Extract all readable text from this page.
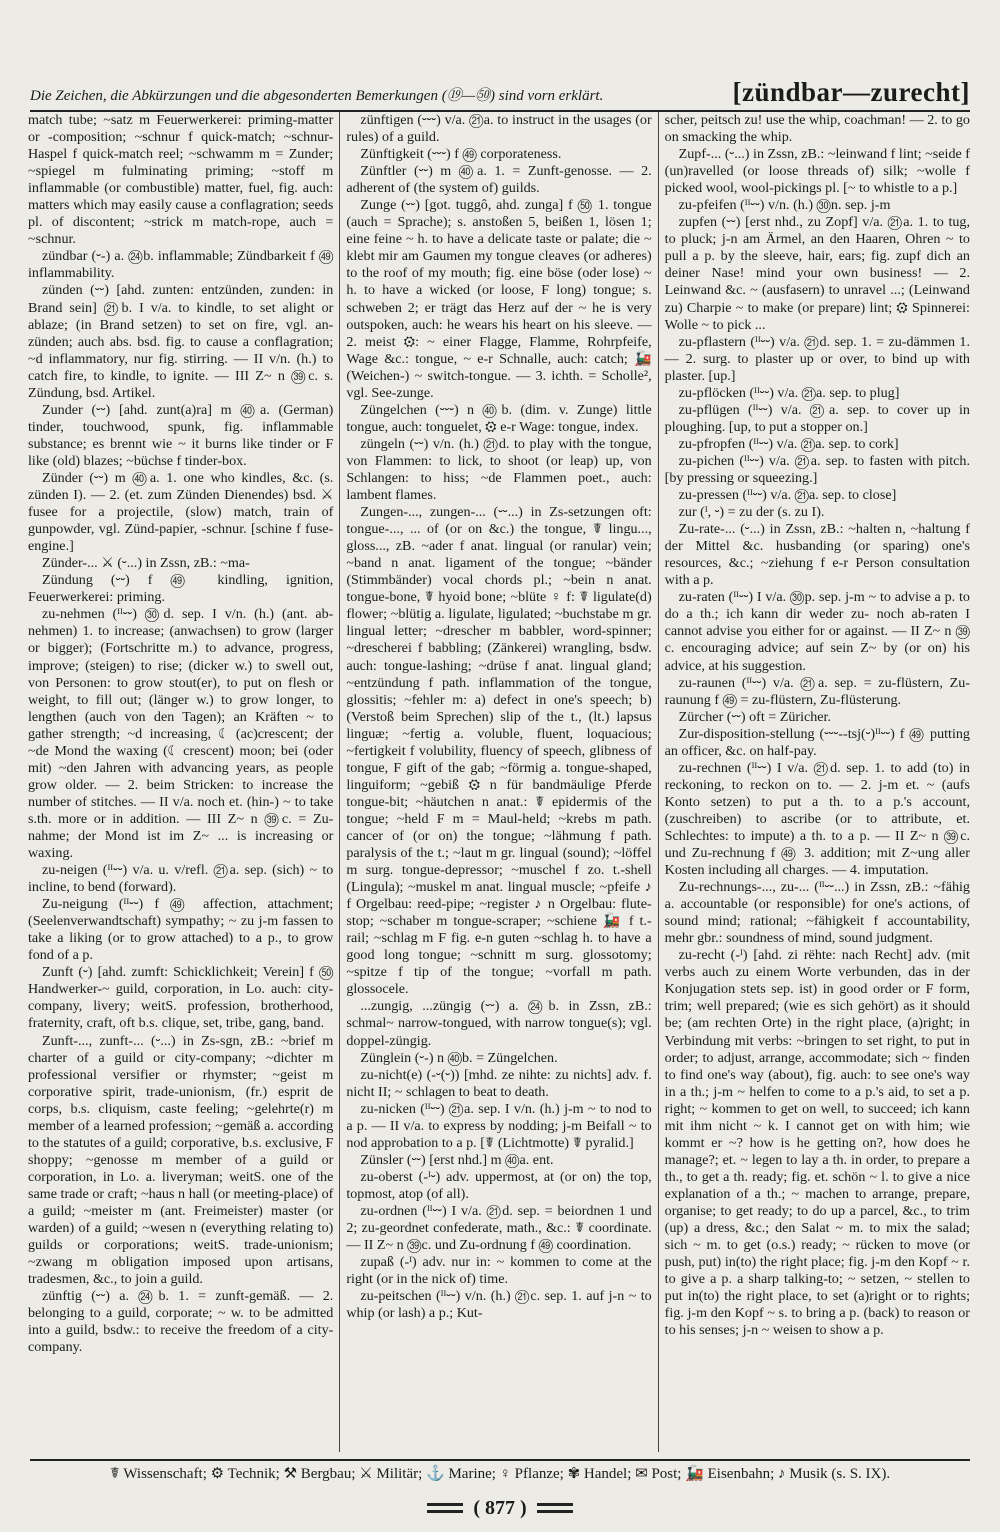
Die Zeichen, die Abkürzungen und die abgesonderten Bemerkungen (⑲—㊿) sind vorn erklärt.	[zündbar—zurecht]

match tube; ~satz m Feuerwerkerei: priming-matter or -composition; ~schnur f quick-match; ~schnur-Haspel f quick-match reel; ~schwamm m = Zunder; ~spiegel m fulminating priming; ~stoff m inflammable (or combustible) matter, fuel, fig. auch: matters which may easily cause a conflagration; seeds pl. of discontent; ~strick m match-rope, auch = ~schnur.

zündbar (⏑-) a. ㉔b. inflammable; Zündbarkeit f ㊾ inflammability.

zünden (⏑⏑) [ahd. zunten: entzünden, zunden: in Brand sein] ㉑b. I v/a. to kindle, to set alight or ablaze; (in Brand setzen) to set on fire, vgl. an-zünden; auch abs. bsd. fig. to cause a conflagration; ~d inflammatory, nur fig. stirring. — II v/n. (h.) to catch fire, to kindle, to ignite. — III Z~ n ㊴c. s. Zündung, bsd. Artikel.

Zunder (⏑⏑) [ahd. zunt(a)ra] m ㊵a. (German) tinder, touchwood, spunk, fig. inflammable substance; es brennt wie ~ it burns like tinder or F like (old) blazes; ~büchse f tinder-box.

Zünder (⏑⏑) m ㊵a. 1. one who kindles, &c. (s. zünden I). — 2. (et. zum Zünden Dienendes) bsd. ⚔ fusee for a projectile, (slow) match, train of gunpowder, vgl. Zünd-papier, -schnur. [schine f fuse-engine.]

Zünder-... ⚔ (⏑...) in Zssn, zB.: ~ma-

Zündung (⏑⏑) f ㊾ kindling, ignition, Feuerwerkerei: priming.

zu-nehmen (ᴵᴵ⏑⏑) ㉚d. sep. I v/n. (h.) (ant. ab-nehmen) 1. to increase; (anwachsen) to grow (larger or bigger); (Fortschritte m.) to advance, progress, improve; (steigen) to rise; (dicker w.) to swell out, von Personen: to grow stout(er), to put on flesh or weight, to fill out; (länger w.) to grow longer, to lengthen (auch von den Tagen); an Kräften ~ to gather strength; ~d increasing, ☾ (ac)crescent; der ~de Mond the waxing (☾ crescent) moon; bei (oder mit) ~den Jahren with advancing years, as people grow older. — 2. beim Stricken: to increase the number of stitches. — II v/a. noch et. (hin-) ~ to take s.th. more or in addition. — III Z~ n ㊴c. = Zu-nahme; der Mond ist im Z~ ... is increasing or waxing.

zu-neigen (ᴵᴵ⏑⏑) v/a. u. v/refl. ㉑a. sep. (sich) ~ to incline, to bend (forward).

Zu-neigung (ᴵᴵ⏑⏑) f ㊾ affection, attachment; (Seelenverwandtschaft) sympathy; ~ zu j-m fassen to take a liking (or to grow attached) to a p., to grow fond of a p.

Zunft (⏑) [ahd. zumft: Schicklichkeit; Verein] f ㊿ Handwerker-~ guild, corporation, in Lo. auch: city-company, livery; weitS. profession, brotherhood, fraternity, craft, oft b.s. clique, set, tribe, gang, band.

Zunft-..., zunft-... (⏑...) in Zs-sgn, zB.: ~brief m charter of a guild or city-company; ~dichter m professional versifier or rhymster; ~geist m corporative spirit, trade-unionism, (fr.) esprit de corps, b.s. cliquism, caste feeling; ~gelehrte(r) m member of a learned profession; ~gemäß a. according to the statutes of a guild; corporative, b.s. exclusive, F shoppy; ~genosse m member of a guild or corporation, in Lo. a. liveryman; weitS. one of the same trade or craft; ~haus n hall (or meeting-place) of a guild; ~meister m (ant. Freimeister) master (or warden) of a guild; ~wesen n (everything relating to) guilds or corporations; weitS. trade-unionism; ~zwang m obligation imposed upon artisans, tradesmen, &c., to join a guild.

zünftig (⏑⏑) a. ㉔b. 1. = zunft-gemäß. — 2. belonging to a guild, corporate; ~ w. to be admitted into a guild, bsdw.: to receive the freedom of a city-company.

zünftigen (⏑⏑⏑) v/a. ㉑a. to instruct in the usages (or rules) of a guild.

Zünftigkeit (⏑⏑⏑) f ㊾ corporateness.

Zünftler (⏑⏑) m ㊵a. 1. = Zunft-genosse. — 2. adherent of (the system of) guilds.

Zunge (⏑⏑) [got. tuggô, ahd. zunga] f ㊿ 1. tongue (auch = Sprache); s. anstoßen 5, beißen 1, lösen 1; eine feine ~ h. to have a delicate taste or palate; die ~ klebt mir am Gaumen my tongue cleaves (or adheres) to the roof of my mouth; fig. eine böse (oder lose) ~ h. to have a wicked (or loose, F long) tongue; s. schweben 2; er trägt das Herz auf der ~ he is very outspoken, auch: he wears his heart on his sleeve. — 2. meist ⚙: ~ einer Flagge, Flamme, Rohrpfeife, Wage &c.: tongue, ~ e-r Schnalle, auch: catch; 🚂 (Weichen-) ~ switch-tongue. — 3. ichth. = Scholle², vgl. See-zunge.

Züngelchen (⏑⏑⏑) n ㊵b. (dim. v. Zunge) little tongue, auch: tonguelet, ⚙ e-r Wage: tongue, index.

züngeln (⏑⏑) v/n. (h.) ㉑d. to play with the tongue, von Flammen: to lick, to shoot (or leap) up, von Schlangen: to hiss; ~de Flammen poet., auch: lambent flames.

Zungen-..., zungen-... (⏑⏑...) in Zs-setzungen oft: tongue-..., ... of (or on &c.) the tongue, ☤ lingu..., gloss..., zB. ~ader f anat. lingual (or ranular) vein; ~band n anat. ligament of the tongue; ~bänder (Stimmbänder) vocal chords pl.; ~bein n anat. tongue-bone, ☤ hyoid bone; ~blüte ♀ f: ☤ ligulate(d) flower; ~blütig a. ligulate, ligulated; ~buchstabe m gr. lingual letter; ~drescher m babbler, word-spinner; ~drescherei f babbling; (Zänkerei) wrangling, bsdw. auch: tongue-lashing; ~drüse f anat. lingual gland; ~entzündung f path. inflammation of the tongue, glossitis; ~fehler m: a) defect in one's speech; b) (Verstoß beim Sprechen) slip of the t., (lt.) lapsus linguæ; ~fertig a. voluble, fluent, loquacious; ~fertigkeit f volubility, fluency of speech, glibness of tongue, F gift of the gab; ~förmig a. tongue-shaped, linguiform; ~gebiß ⚙ n für bandmäulige Pferde tongue-bit; ~häutchen n anat.: ☤ epidermis of the tongue; ~held F m = Maul-held; ~krebs m path. cancer of (or on) the tongue; ~lähmung f path. paralysis of the t.; ~laut m gr. lingual (sound); ~löffel m surg. tongue-depressor; ~muschel f zo. t.-shell (Lingula); ~muskel m anat. lingual muscle; ~pfeife ♪ f Orgelbau: reed-pipe; ~register ♪ n Orgelbau: flute-stop; ~schaber m tongue-scraper; ~schiene 🚂 f t.-rail; ~schlag m F fig. e-n guten ~schlag h. to have a good long tongue; ~schnitt m surg. glossotomy; ~spitze f tip of the tongue; ~vorfall m path. glossocele.

...zungig, ...züngig (⏑⏑) a. ㉔b. in Zssn, zB.: schmal~ narrow-tongued, with narrow tongue(s); vgl. doppel-züngig.

Zünglein (⏑-) n ㊵b. = Züngelchen.

zu-nicht(e) (-⏑(⏑)) [mhd. ze nihte: zu nichts] adv. f. nicht II; ~ schlagen to beat to death.

zu-nicken (ᴵᴵ⏑⏑) ㉑a. sep. I v/n. (h.) j-m ~ to nod to a p. — II v/a. to express by nodding; j-m Beifall ~ to nod approbation to a p. [☤ (Lichtmotte) ☤ pyralid.]

Zünsler (⏑⏑) [erst nhd.] m ㊵a. ent.

zu-oberst (-ᴵ⏑) adv. uppermost, at (or on) the top, topmost, atop (of all).

zu-ordnen (ᴵᴵ⏑⏑) I v/a. ㉑d. sep. = beiordnen 1 und 2; zu-geordnet confederate, math., &c.: ☤ coordinate. — II Z~ n ㊴c. und Zu-ordnung f ㊾ coordination.

zupaß (-ᴵ) adv. nur in: ~ kommen to come at the right (or in the nick of) time.

zu-peitschen (ᴵᴵ⏑⏑) v/n. (h.) ㉑c. sep. 1. auf j-n ~ to whip (or lash) a p.; Kut-

scher, peitsch zu! use the whip, coachman! — 2. to go on smacking the whip.

Zupf-... (⏑...) in Zssn, zB.: ~leinwand f lint; ~seide f (un)ravelled (or loose threads of) silk; ~wolle f picked wool, wool-pickings pl. [~ to whistle to a p.]

zu-pfeifen (ᴵᴵ⏑⏑) v/n. (h.) ㉚n. sep. j-m

zupfen (⏑⏑) [erst nhd., zu Zopf] v/a. ㉑a. 1. to tug, to pluck; j-n am Ärmel, an den Haaren, Ohren ~ to pull a p. by the sleeve, hair, ears; fig. zupf dich an deiner Nase! mind your own business! — 2. Leinwand &c. ~ (ausfasern) to unravel ...; (Leinwand zu) Charpie ~ to make (or prepare) lint; ⚙ Spinnerei: Wolle ~ to pick ...

zu-pflastern (ᴵᴵ⏑⏑) v/a. ㉑d. sep. 1. = zu-dämmen 1. — 2. surg. to plaster up or over, to bind up with plaster. [up.]

zu-pflöcken (ᴵᴵ⏑⏑) v/a. ㉑a. sep. to plug]

zu-pflügen (ᴵᴵ⏑⏑) v/a. ㉑a. sep. to cover up in ploughing. [up, to put a stopper on.]

zu-pfropfen (ᴵᴵ⏑⏑) v/a. ㉑a. sep. to cork]

zu-pichen (ᴵᴵ⏑⏑) v/a. ㉑a. sep. to fasten with pitch. [by pressing or squeezing.]

zu-pressen (ᴵᴵ⏑⏑) v/a. ㉑a. sep. to close]

zur (ᴵ, ⏑) = zu der (s. zu I).

Zu-rate-... (⏑...) in Zssn, zB.: ~halten n, ~haltung f der Mittel &c. husbanding (or sparing) one's resources, &c.; ~ziehung f e-r Person consultation with a p.

zu-raten (ᴵᴵ⏑⏑) I v/a. ㉚p. sep. j-m ~ to advise a p. to do a th.; ich kann dir weder zu- noch ab-raten I cannot advise you either for or against. — II Z~ n ㊴c. encouraging advice; auf sein Z~ by (or on) his advice, at his suggestion.

zu-raunen (ᴵᴵ⏑⏑) v/a. ㉑a. sep. = zu-flüstern, Zu-raunung f ㊾ = zu-flüstern, Zu-flüsterung.

Zürcher (⏑⏑) oft = Züricher.

Zur-disposition-stellung (⏑⏑⏑--tsj(⏑)ᴵᴵ⏑⏑) f ㊾ putting an officer, &c. on half-pay.

zu-rechnen (ᴵᴵ⏑⏑) I v/a. ㉑d. sep. 1. to add (to) in reckoning, to reckon on to. — 2. j-m et. ~ (aufs Konto setzen) to put a th. to a p.'s account, (zuschreiben) to ascribe (or to attribute, et. Schlechtes: to impute) a th. to a p. — II Z~ n ㊴c. und Zu-rechnung f ㊾ 3. addition; mit Z~ung aller Kosten including all charges. — 4. imputation.

Zu-rechnungs-..., zu-... (ᴵᴵ⏑⏑...) in Zssn, zB.: ~fähig a. accountable (or responsible) for one's actions, of sound mind; rational; ~fähigkeit f accountability, mehr gbr.: soundness of mind, sound judgment.

zu-recht (-ᴵ) [ahd. zi rëhte: nach Recht] adv. (mit verbs auch zu einem Worte verbunden, das in der Konjugation stets sep. ist) in good order or F form, trim; well prepared; (wie es sich gehört) as it should be; (am rechten Orte) in the right place, (a)right; in Verbindung mit verbs: ~bringen to set right, to put in order; to adjust, arrange, accommodate; sich ~ finden to find one's way (about), fig. auch: to see one's way in a th.; j-m ~ helfen to come to a p.'s aid, to set a p. right; ~ kommen to get on well, to succeed; ich kann mit ihm nicht ~ k. I cannot get on with him; wie kommt er ~? how is he getting on?, how does he manage?; et. ~ legen to lay a th. in order, to prepare a th., to get a th. ready; fig. et. schön ~ l. to give a nice explanation of a th.; ~ machen to arrange, prepare, organise; to get ready; to do up a parcel, &c., to trim (up) a dress, &c.; den Salat ~ m. to mix the salad; sich ~ m. to get (o.s.) ready; ~ rücken to move (or push, put) in(to) the right place; fig. j-m den Kopf ~ r. to give a p. a sharp talking-to; ~ setzen, ~ stellen to put in(to) the right place, to set (a)right or to rights; fig. j-m den Kopf ~ s. to bring a p. (back) to reason or to his senses; j-n ~ weisen to show a p.

☤ Wissenschaft; ⚙ Technik; ⚒ Bergbau; ⚔ Militär; ⚓ Marine; ♀ Pflanze; ✾ Handel; ✉ Post; 🚂 Eisenbahn; ♪ Musik (s. S. IX).
( 877 )
